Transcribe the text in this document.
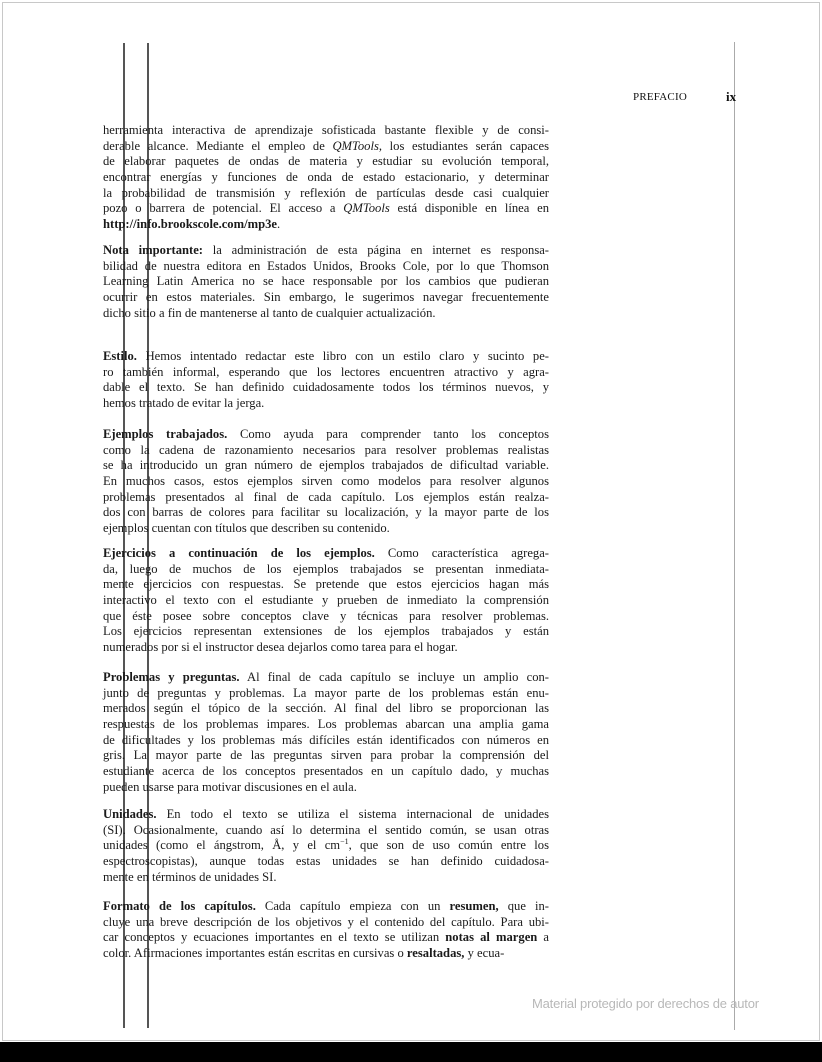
PREFACIO	ix
herramienta interactiva de aprendizaje sofisticada bastante flexible y de consi-
derable alcance. Mediante el empleo de QMTools, los estudiantes serán capaces
de elaborar paquetes de ondas de materia y estudiar su evolución temporal,
encontrar energías y funciones de onda de estado estacionario, y determinar
la probabilidad de transmisión y reflexión de partículas desde casi cualquier
pozo o barrera de potencial. El acceso a QMTools está disponible en línea en
http://info.brookscole.com/mp3e.
Nota importante: la administración de esta página en internet es responsa-
bilidad de nuestra editora en Estados Unidos, Brooks Cole, por lo que Thomson
Learning Latin America no se hace responsable por los cambios que pudieran
ocurrir en estos materiales. Sin embargo, le sugerimos navegar frecuentemente
dicho sitio a fin de mantenerse al tanto de cualquier actualización.
Estilo. Hemos intentado redactar este libro con un estilo claro y sucinto pe-
ro también informal, esperando que los lectores encuentren atractivo y agra-
dable el texto. Se han definido cuidadosamente todos los términos nuevos, y
hemos tratado de evitar la jerga.
Ejemplos trabajados. Como ayuda para comprender tanto los conceptos
como la cadena de razonamiento necesarios para resolver problemas realistas
se ha introducido un gran número de ejemplos trabajados de dificultad variable.
En muchos casos, estos ejemplos sirven como modelos para resolver algunos
problemas presentados al final de cada capítulo. Los ejemplos están realza-
dos con barras de colores para facilitar su localización, y la mayor parte de los
ejemplos cuentan con títulos que describen su contenido.
Ejercicios a continuación de los ejemplos. Como característica agrega-
da, luego de muchos de los ejemplos trabajados se presentan inmediata-
mente ejercicios con respuestas. Se pretende que estos ejercicios hagan más
interactivo el texto con el estudiante y prueben de inmediato la comprensión
que éste posee sobre conceptos clave y técnicas para resolver problemas.
Los ejercicios representan extensiones de los ejemplos trabajados y están
numerados por si el instructor desea dejarlos como tarea para el hogar.
Problemas y preguntas. Al final de cada capítulo se incluye un amplio con-
junto de preguntas y problemas. La mayor parte de los problemas están enu-
merados según el tópico de la sección. Al final del libro se proporcionan las
respuestas de los problemas impares. Los problemas abarcan una amplia gama
de dificultades y los problemas más difíciles están identificados con números en
gris. La mayor parte de las preguntas sirven para probar la comprensión del
estudiante acerca de los conceptos presentados en un capítulo dado, y muchas
pueden usarse para motivar discusiones en el aula.
Unidades. En todo el texto se utiliza el sistema internacional de unidades
(SI). Ocasionalmente, cuando así lo determina el sentido común, se usan otras
unidades (como el ángstrom, Å, y el $cm^{-1}$, que son de uso común entre los
espectroscopistas), aunque todas estas unidades se han definido cuidadosa-
mente en términos de unidades SI.
Formato de los capítulos. Cada capítulo empieza con un resumen, que in-
cluye una breve descripción de los objetivos y el contenido del capítulo. Para ubi-
car conceptos y ecuaciones importantes en el texto se utilizan notas al margen a
color. Afirmaciones importantes están escritas en cursivas o resaltadas, y ecua-
Material protegido por derechos de autor
